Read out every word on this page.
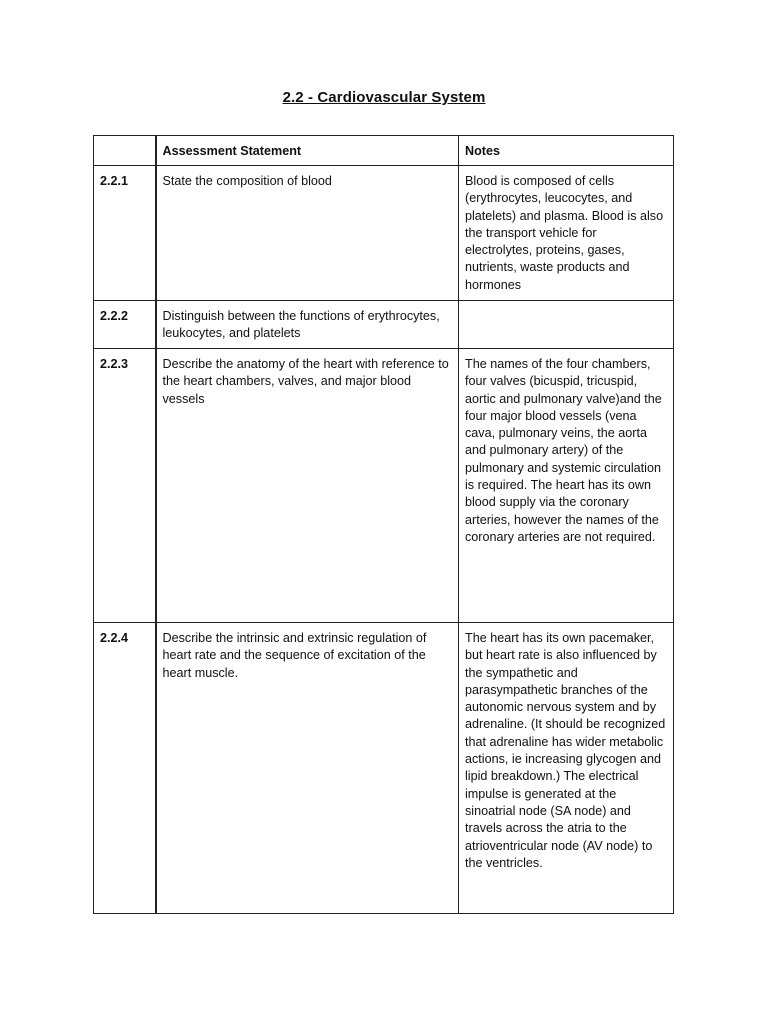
2.2 - Cardiovascular System
	Assessment Statement	Notes
2.2.1	State the composition of blood	Blood is composed of cells (erythrocytes, leucocytes, and platelets) and plasma. Blood is also the transport vehicle for electrolytes, proteins, gases, nutrients, waste products and hormones
2.2.2	Distinguish between the functions of erythrocytes, leukocytes, and platelets	
2.2.3	Describe the anatomy of the heart with reference to the heart chambers, valves, and major blood vessels	The names of the four chambers, four valves (bicuspid, tricuspid, aortic and pulmonary valve)and the four major blood vessels (vena cava, pulmonary veins, the aorta and pulmonary artery) of the pulmonary and systemic circulation is required. The heart has its own blood supply via the coronary arteries, however the names of the coronary arteries are not required.
2.2.4	Describe the intrinsic and extrinsic regulation of heart rate and the sequence of excitation of the heart muscle.	The heart has its own pacemaker, but heart rate is also influenced by the sympathetic and parasympathetic branches of the autonomic nervous system and by adrenaline. (It should be recognized that adrenaline has wider metabolic actions, ie increasing glycogen and lipid breakdown.) The electrical impulse is generated at the sinoatrial node (SA node) and travels across the atria to the atrioventricular node (AV node) to the ventricles.
